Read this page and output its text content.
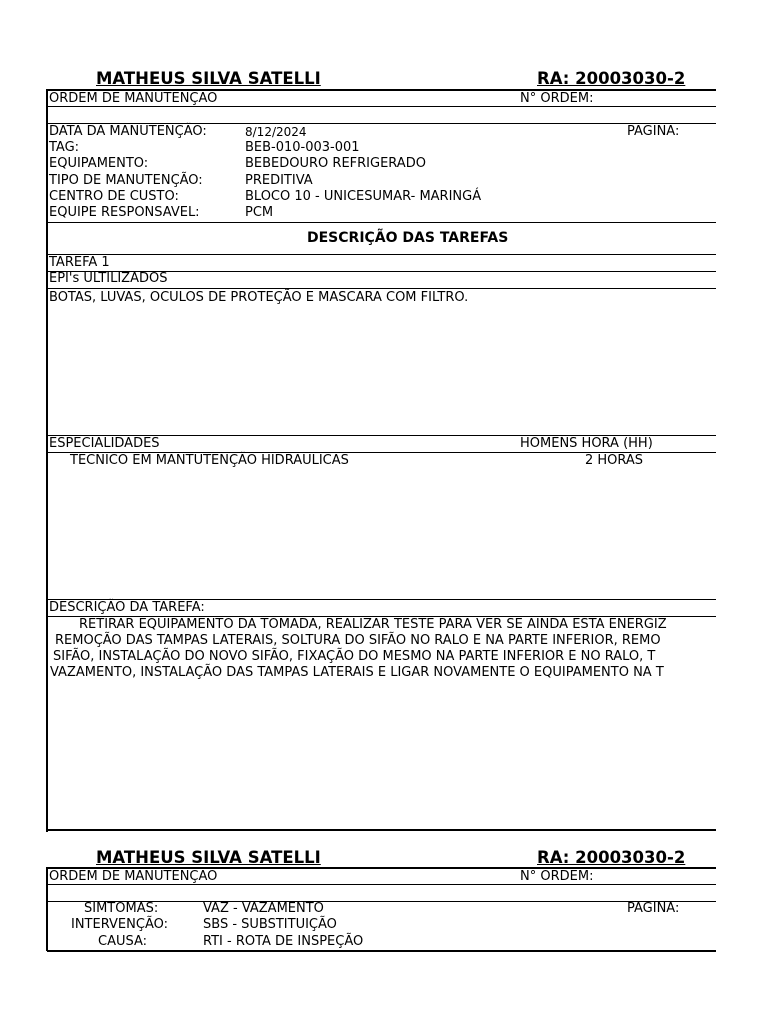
MATHEUS SILVA SATELLI	RA: 20003030-2
ORDEM DE MANUTENÇÃO	N° ORDEM:
DATA DA MANUTENÇÃO:	8/12/2024	PAGINA:
TAG:	BEB-010-003-001
EQUIPAMENTO:	BEBEDOURO REFRIGERADO
TIPO DE MANUTENÇÃO:	PREDITIVA
CENTRO DE CUSTO:	BLOCO 10 - UNICESUMAR- MARINGÁ
EQUIPE RESPONSAVEL:	PCM
DESCRIÇÃO DAS TAREFAS
TAREFA 1
EPI's ULTILIZADOS
BOTAS, LUVAS, OCULOS DE PROTEÇÃO E MASCARA COM FILTRO.
ESPECIALIDADES	HOMENS HORA (HH)
TECNICO EM MANTUTENÇÃO HIDRAULICAS	2 HORAS
DESCRIÇÃO DA TAREFA:
RETIRAR EQUIPAMENTO DA TOMADA, REALIZAR TESTE PARA VER SE AINDA ESTA ENERGIZ
REMOÇÃO DAS TAMPAS LATERAIS, SOLTURA DO SIFÃO NO RALO E NA PARTE INFERIOR, REMO
SIFÃO, INSTALAÇÃO DO NOVO SIFÃO, FIXAÇÃO DO MESMO NA PARTE INFERIOR E NO RALO, T
VAZAMENTO, INSTALAÇÃO DAS TAMPAS LATERAIS E LIGAR NOVAMENTE O EQUIPAMENTO NA T
MATHEUS SILVA SATELLI	RA: 20003030-2
ORDEM DE MANUTENÇÃO	N° ORDEM:
SIMTOMAS:	VAZ - VAZAMENTO	PAGINA:
INTERVENÇÃO:	SBS - SUBSTITUIÇÃO
CAUSA:	RTI - ROTA DE INSPEÇÃO
